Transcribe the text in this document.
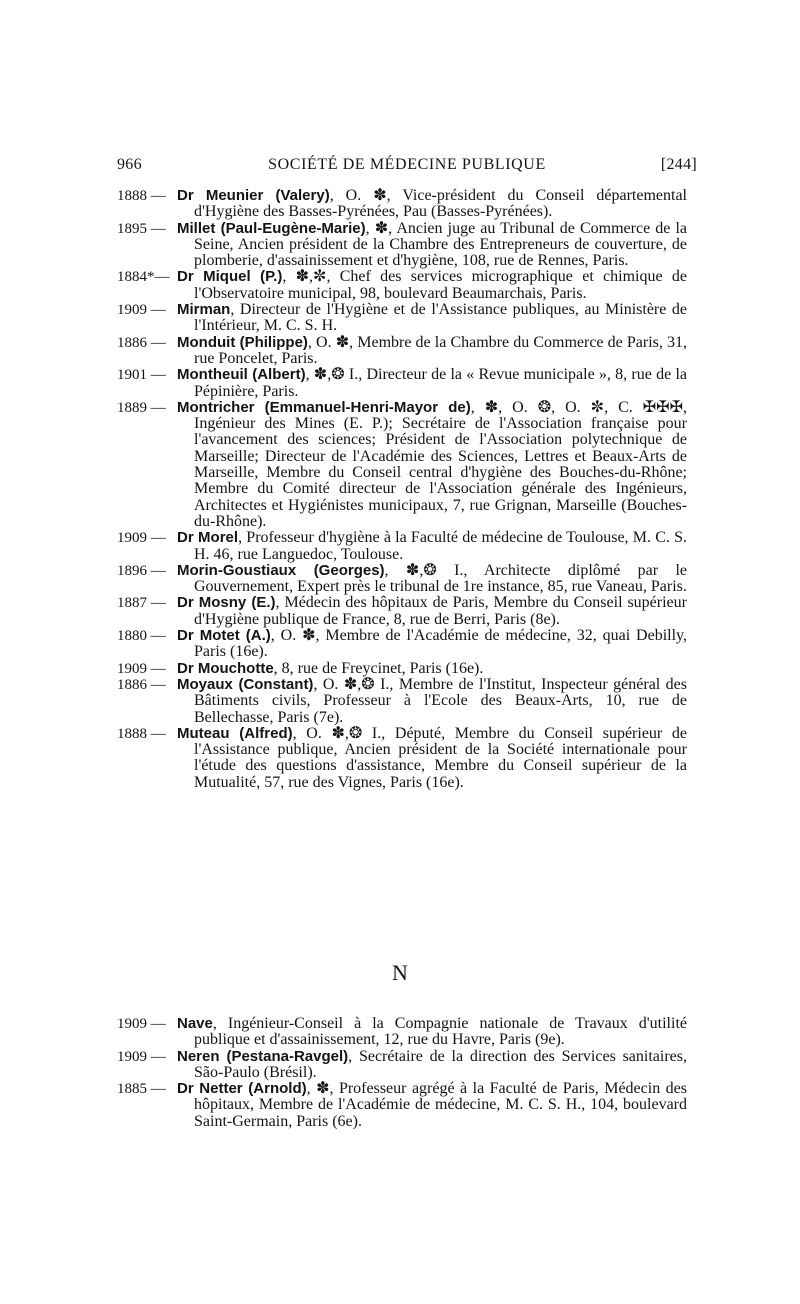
966	SOCIÉTÉ DE MÉDECINE PUBLIQUE	[244]
1888 — Dr Meunier (Valery), O. ✽, Vice-président du Conseil départemental d'Hygiène des Basses-Pyrénées, Pau (Basses-Pyrénées).
1895 — Millet (Paul-Eugène-Marie), ✽, Ancien juge au Tribunal de Commerce de la Seine, Ancien président de la Chambre des Entrepreneurs de couverture, de plomberie, d'assainissement et d'hygiène, 108, rue de Rennes, Paris.
1884*— Dr Miquel (P.), ✽,✼, Chef des services micrographique et chimique de l'Observatoire municipal, 98, boulevard Beaumarchais, Paris.
1909 — Mirman, Directeur de l'Hygiène et de l'Assistance publiques, au Ministère de l'Intérieur, M. C. S. H.
1886 — Monduit (Philippe), O. ✽, Membre de la Chambre du Commerce de Paris, 31, rue Poncelet, Paris.
1901 — Montheuil (Albert), ✽,❂ I., Directeur de la « Revue municipale », 8, rue de la Pépinière, Paris.
1889 — Montricher (Emmanuel-Henri-Mayor de), ✽, O. ❂, O. ✼, C. ✠✠✠, Ingénieur des Mines (E. P.); Secrétaire de l'Association française pour l'avancement des sciences; Président de l'Association polytechnique de Marseille; Directeur de l'Académie des Sciences, Lettres et Beaux-Arts de Marseille, Membre du Conseil central d'hygiène des Bouches-du-Rhône; Membre du Comité directeur de l'Association générale des Ingénieurs, Architectes et Hygiénistes municipaux, 7, rue Grignan, Marseille (Bouches-du-Rhône).
1909 — Dr Morel, Professeur d'hygiène à la Faculté de médecine de Toulouse, M. C. S. H. 46, rue Languedoc, Toulouse.
1896 — Morin-Goustiaux (Georges), ✽,❂ I., Architecte diplômé par le Gouvernement, Expert près le tribunal de 1re instance, 85, rue Vaneau, Paris.
1887 — Dr Mosny (E.), Médecin des hôpitaux de Paris, Membre du Conseil supérieur d'Hygiène publique de France, 8, rue de Berri, Paris (8e).
1880 — Dr Motet (A.), O. ✽, Membre de l'Académie de médecine, 32, quai Debilly, Paris (16e).
1909 — Dr Mouchotte, 8, rue de Freycinet, Paris (16e).
1886 — Moyaux (Constant), O. ✽,❂ I., Membre de l'Institut, Inspecteur général des Bâtiments civils, Professeur à l'Ecole des Beaux-Arts, 10, rue de Bellechasse, Paris (7e).
1888 — Muteau (Alfred), O. ✽,❂ I., Député, Membre du Conseil supérieur de l'Assistance publique, Ancien président de la Société internationale pour l'étude des questions d'assistance, Membre du Conseil supérieur de la Mutualité, 57, rue des Vignes, Paris (16e).
N
1909 — Nave, Ingénieur-Conseil à la Compagnie nationale de Travaux d'utilité publique et d'assainissement, 12, rue du Havre, Paris (9e).
1909 — Neren (Pestana-Ravgel), Secrétaire de la direction des Services sanitaires, São-Paulo (Brésil).
1885 — Dr Netter (Arnold), ✽, Professeur agrégé à la Faculté de Paris, Médecin des hôpitaux, Membre de l'Académie de médecine, M. C. S. H., 104, boulevard Saint-Germain, Paris (6e).
